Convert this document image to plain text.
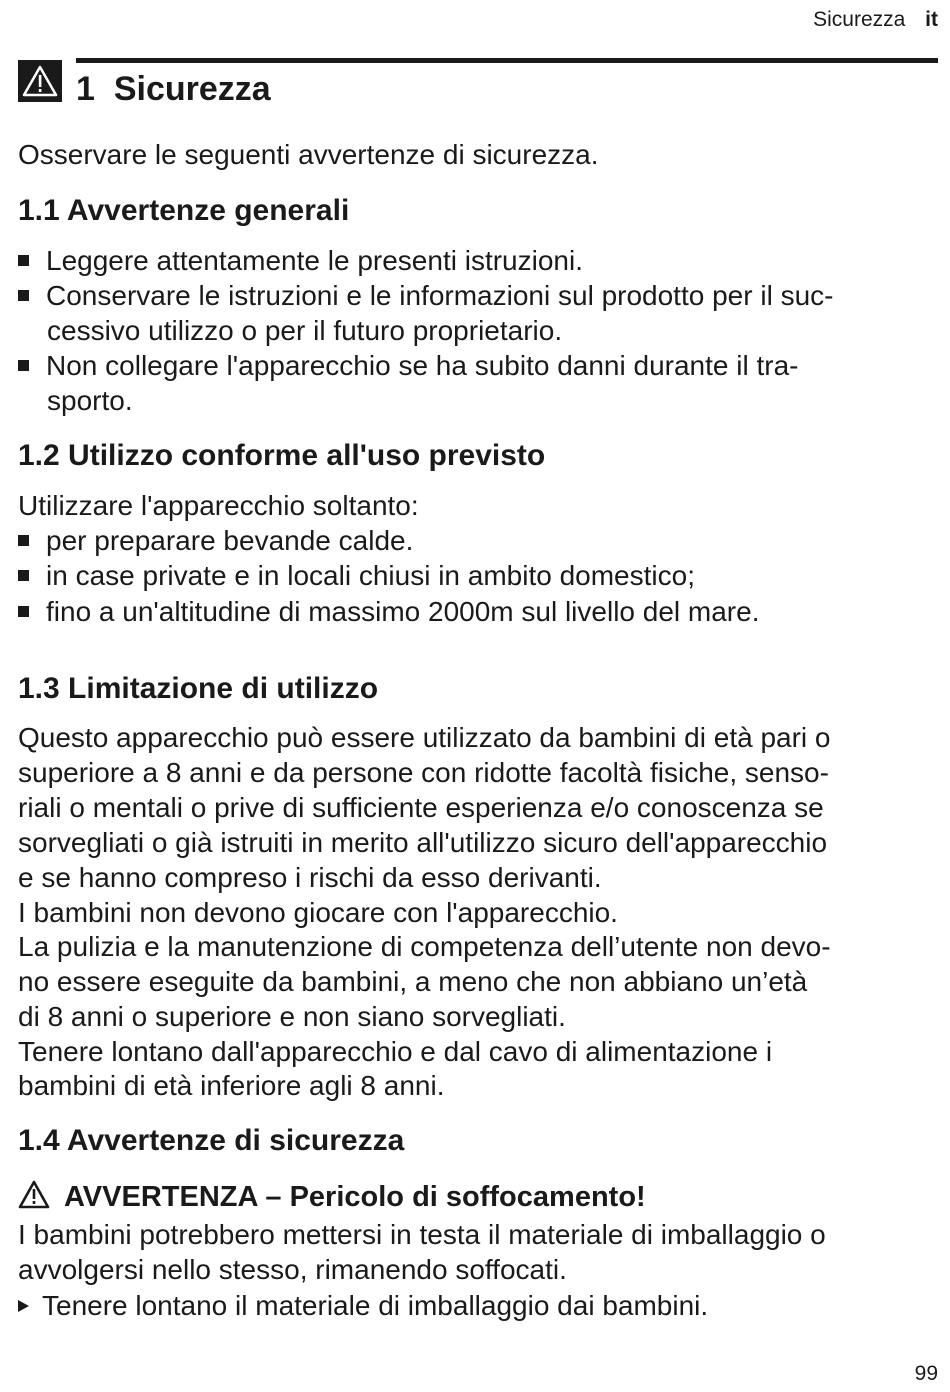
Sicurezza it
1 Sicurezza
Osservare le seguenti avvertenze di sicurezza.
1.1 Avvertenze generali
Leggere attentamente le presenti istruzioni.
Conservare le istruzioni e le informazioni sul prodotto per il suc-
cessivo utilizzo o per il futuro proprietario.
Non collegare l'apparecchio se ha subito danni durante il tra-
sporto.
1.2 Utilizzo conforme all'uso previsto
Utilizzare l'apparecchio soltanto:
per preparare bevande calde.
in case private e in locali chiusi in ambito domestico;
fino a un'altitudine di massimo 2000m sul livello del mare.
1.3 Limitazione di utilizzo
Questo apparecchio può essere utilizzato da bambini di età pari o
superiore a 8 anni e da persone con ridotte facoltà fisiche, senso-
riali o mentali o prive di sufficiente esperienza e/o conoscenza se
sorvegliati o già istruiti in merito all'utilizzo sicuro dell'apparecchio
e se hanno compreso i rischi da esso derivanti.
I bambini non devono giocare con l'apparecchio.
La pulizia e la manutenzione di competenza dell’utente non devo-
no essere eseguite da bambini, a meno che non abbiano un’età
di 8 anni o superiore e non siano sorvegliati.
Tenere lontano dall'apparecchio e dal cavo di alimentazione i
bambini di età inferiore agli 8 anni.
1.4 Avvertenze di sicurezza
AVVERTENZA – Pericolo di soffocamento!
I bambini potrebbero mettersi in testa il materiale di imballaggio o
avvolgersi nello stesso, rimanendo soffocati.
Tenere lontano il materiale di imballaggio dai bambini.
99
